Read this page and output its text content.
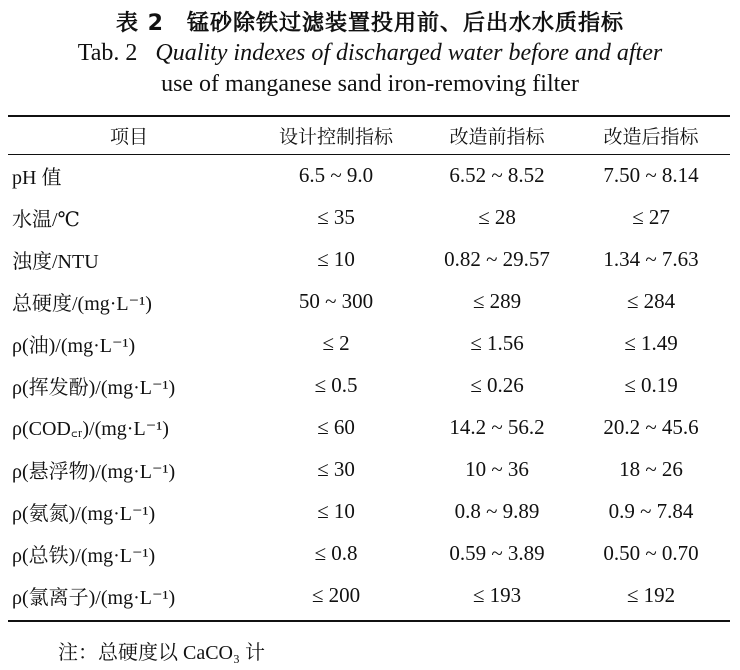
表 2　锰砂除铁过滤装置投用前、后出水水质指标
Tab. 2 Quality indexes of discharged water before and after
use of manganese sand iron-removing filter
项目	设计控制指标	改造前指标	改造后指标
pH 值	6.5 ~ 9.0	6.52 ~ 8.52	7.50 ~ 8.14
水温/℃	≤ 35	≤ 28	≤ 27
浊度/NTU	≤ 10	0.82 ~ 29.57	1.34 ~ 7.63
总硬度/(mg·L⁻¹)	50 ~ 300	≤ 289	≤ 284
ρ(油)/(mg·L⁻¹)	≤ 2	≤ 1.56	≤ 1.49
ρ(挥发酚)/(mg·L⁻¹)	≤ 0.5	≤ 0.26	≤ 0.19
ρ(COD꜀ᵣ)/(mg·L⁻¹)	≤ 60	14.2 ~ 56.2	20.2 ~ 45.6
ρ(悬浮物)/(mg·L⁻¹)	≤ 30	10 ~ 36	18 ~ 26
ρ(氨氮)/(mg·L⁻¹)	≤ 10	0.8 ~ 9.89	0.9 ~ 7.84
ρ(总铁)/(mg·L⁻¹)	≤ 0.8	0.59 ~ 3.89	0.50 ~ 0.70
ρ(氯离子)/(mg·L⁻¹)	≤ 200	≤ 193	≤ 192
注：总硬度以 CaCO₃ 计
